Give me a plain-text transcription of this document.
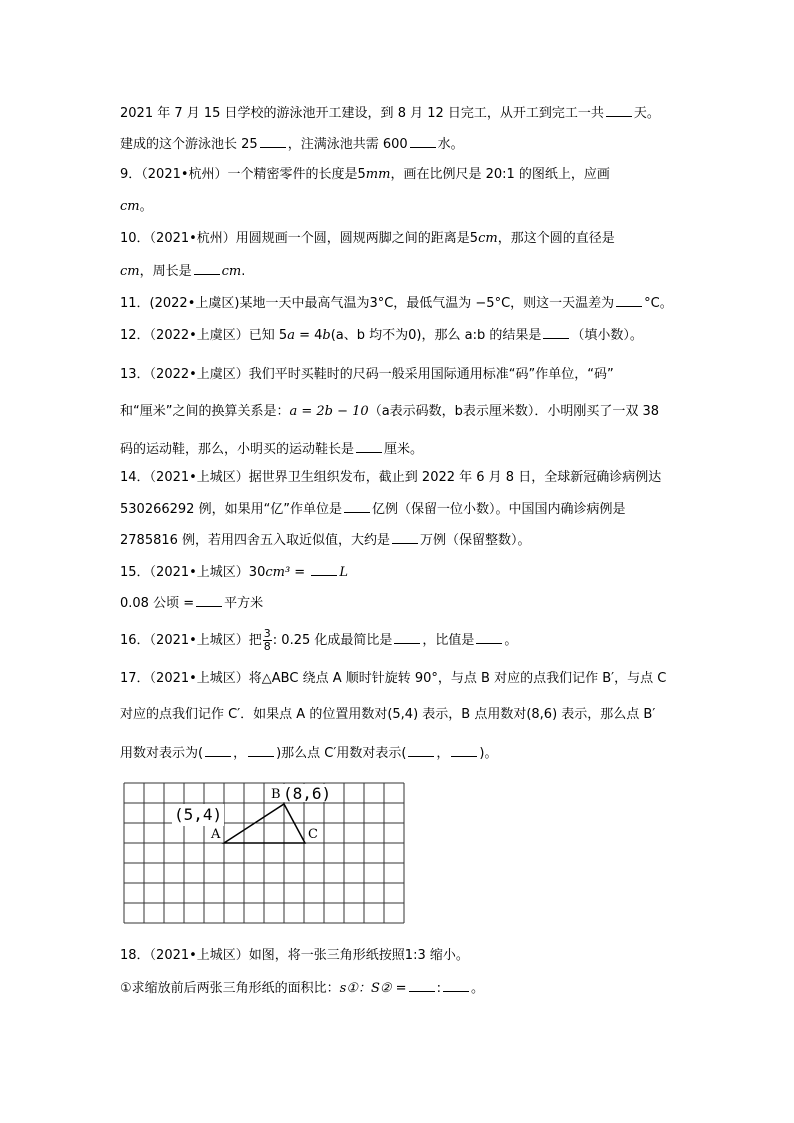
2021 年 7 月 15 日学校的游泳池开工建设，到 8 月 12 日完工，从开工到完工一共 天。
建成的这个游泳池长 25 ，注满泳池共需 600 水。
9．（2021•杭州）一个精密零件的长度是5mm，画在比例尺是 20:1 的图纸上，应画
cm。
10．（2021•杭州）用圆规画一个圆，圆规两脚之间的距离是5cm，那这个圆的直径是
cm，周长是 cm.
11．(2022•上虞区)某地一天中最高气温为3°C，最低气温为 −5°C，则这一天温差为 °C。
12．（2022•上虞区）已知 5a = 4b(a、b 均不为0)，那么 a:b 的结果是 （填小数）。
13．（2022•上虞区）我们平时买鞋时的尺码一般采用国际通用标准“码”作单位，“码”
和“厘米”之间的换算关系是：a = 2b − 10（a表示码数，b表示厘米数）．小明刚买了一双 38
码的运动鞋，那么，小明买的运动鞋长是 厘米。
14．（2021•上城区）据世界卫生组织发布，截止到 2022 年 6 月 8 日，全球新冠确诊病例达
530266292 例，如果用“亿”作单位是 亿例（保留一位小数）。中国国内确诊病例是
2785816 例，若用四舍五入取近似值，大约是 万例（保留整数）。
15．（2021•上城区）30cm³ = L
0.08 公顷 = 平方米
16．（2021•上城区）把 $\frac{3}{8}$ : 0.25 化成最简比是 ，比值是 。
17．（2021•上城区）将△ABC 绕点 A 顺时针旋转 90°，与点 B 对应的点我们记作 B′，与点 C
对应的点我们记作 C′．如果点 A 的位置用数对(5,4) 表示，B 点用数对(8,6) 表示，那么点 B′
用数对表示为( ， )那么点 C′用数对表示( ， )。
(5,4)
(8,6)
B
A	C
18．（2021•上城区）如图，将一张三角形纸按照1:3 缩小。
①求缩放前后两张三角形纸的面积比：s①：S② = : 。
